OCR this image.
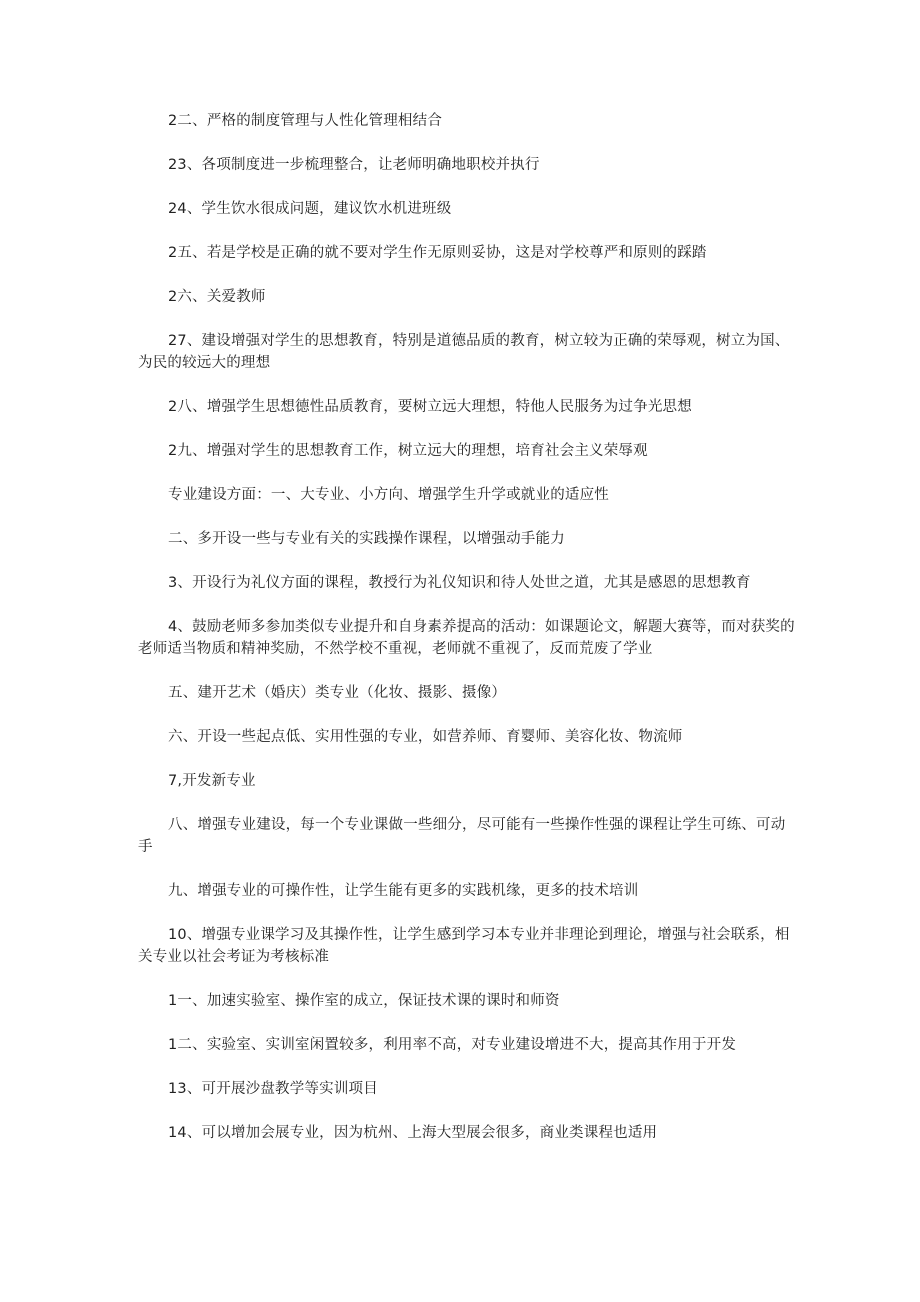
2二、严格的制度管理与人性化管理相结合

23、各项制度进一步梳理整合，让老师明确地职校并执行

24、学生饮水很成问题，建议饮水机进班级

2五、若是学校是正确的就不要对学生作无原则妥协，这是对学校尊严和原则的踩踏

2六、关爱教师

27、建设增强对学生的思想教育，特别是道德品质的教育，树立较为正确的荣辱观，树立为国、为民的较远大的理想

2八、增强学生思想德性品质教育，要树立远大理想，特他人民服务为过争光思想

2九、增强对学生的思想教育工作，树立远大的理想，培育社会主义荣辱观

专业建设方面：一、大专业、小方向、增强学生升学或就业的适应性

二、多开设一些与专业有关的实践操作课程，以增强动手能力

3、开设行为礼仪方面的课程，教授行为礼仪知识和待人处世之道，尤其是感恩的思想教育

4、鼓励老师多参加类似专业提升和自身素养提高的活动：如课题论文，解题大赛等，而对获奖的老师适当物质和精神奖励，不然学校不重视，老师就不重视了，反而荒废了学业

五、建开艺术（婚庆）类专业（化妆、摄影、摄像）

六、开设一些起点低、实用性强的专业，如营养师、育婴师、美容化妆、物流师

7,开发新专业

八、增强专业建设，每一个专业课做一些细分，尽可能有一些操作性强的课程让学生可练、可动手

九、增强专业的可操作性，让学生能有更多的实践机缘，更多的技术培训

10、增强专业课学习及其操作性，让学生感到学习本专业并非理论到理论，增强与社会联系，相关专业以社会考证为考核标准

1一、加速实验室、操作室的成立，保证技术课的课时和师资

1二、实验室、实训室闲置较多，利用率不高，对专业建设增进不大，提高其作用于开发

13、可开展沙盘教学等实训项目

14、可以增加会展专业，因为杭州、上海大型展会很多，商业类课程也适用
